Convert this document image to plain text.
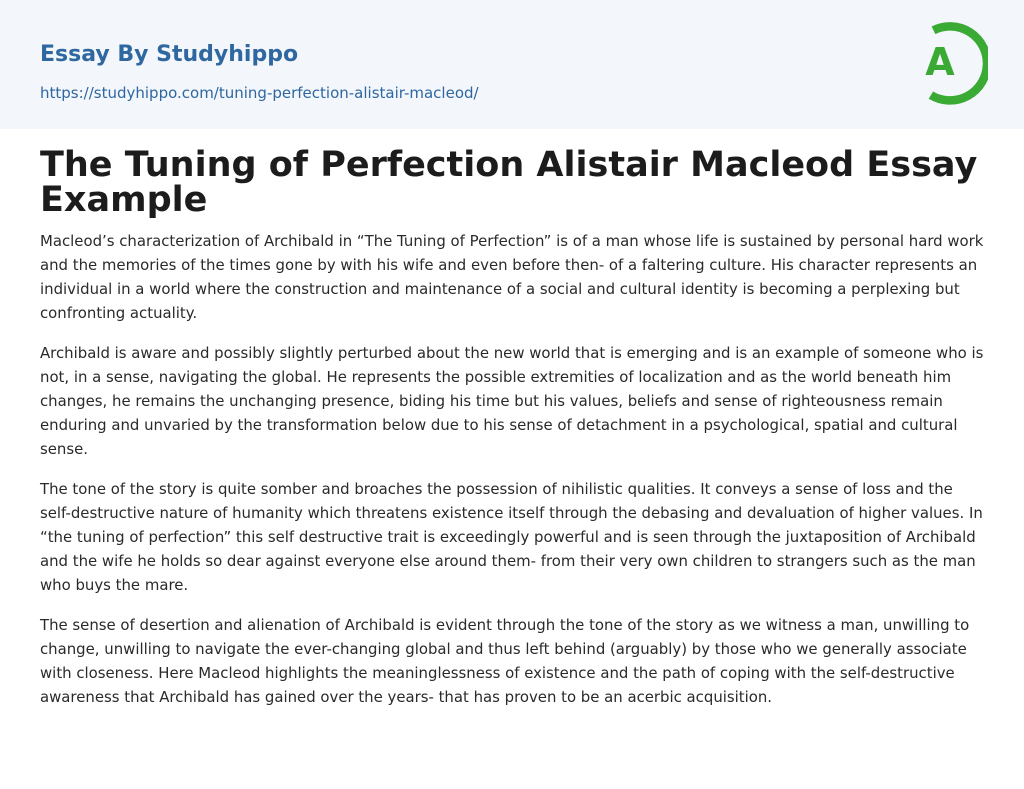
Essay By Studyhippo
https://studyhippo.com/tuning-perfection-alistair-macleod/
A
The Tuning of Perfection Alistair Macleod Essay Example

Macleod’s characterization of Archibald in “The Tuning of Perfection” is of a man whose life is sustained by personal hard work and the memories of the times gone by with his wife and even before then- of a faltering culture. His character represents an individual in a world where the construction and maintenance of a social and cultural identity is becoming a perplexing but confronting actuality.

Archibald is aware and possibly slightly perturbed about the new world that is emerging and is an example of someone who is not, in a sense, navigating the global. He represents the possible extremities of localization and as the world beneath him changes, he remains the unchanging presence, biding his time but his values, beliefs and sense of righteousness remain enduring and unvaried by the transformation below due to his sense of detachment in a psychological, spatial and cultural sense.

The tone of the story is quite somber and broaches the possession of nihilistic qualities. It conveys a sense of loss and the self-destructive nature of humanity which threatens existence itself through the debasing and devaluation of higher values. In “the tuning of perfection” this self destructive trait is exceedingly powerful and is seen through the juxtaposition of Archibald and the wife he holds so dear against everyone else around them- from their very own children to strangers such as the man who buys the mare.

The sense of desertion and alienation of Archibald is evident through the tone of the story as we witness a man, unwilling to change, unwilling to navigate the ever-changing global and thus left behind (arguably) by those who we generally associate with closeness. Here Macleod highlights the meaninglessness of existence and the path of coping with the self-destructive awareness that Archibald has gained over the years- that has proven to be an acerbic acquisition.
